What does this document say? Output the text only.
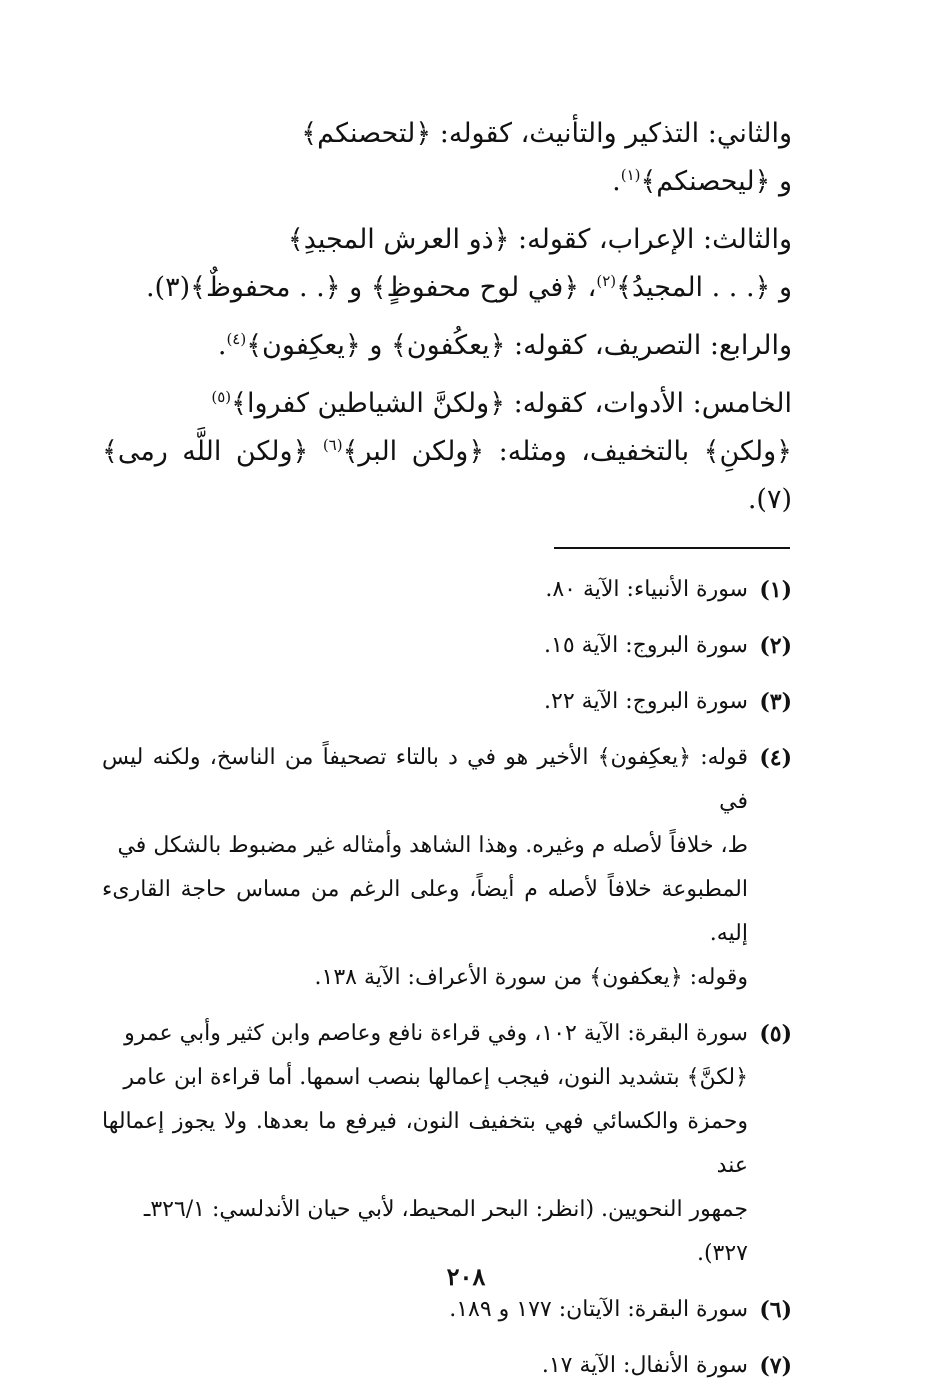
والثاني: التذكير والتأنيث، كقوله: ﴿لتحصنكم﴾
و ﴿ليحصنكم﴾$^{(١)}$.

والثالث: الإعراب، كقوله: ﴿ذو العرش المجيدِ﴾
و ﴿. . . المجيدُ﴾$^{(٢)}$، ﴿في لوح محفوظٍ﴾ و ﴿. . محفوظٌ﴾(٣).

والرابع: التصريف، كقوله: ﴿يعكُفون﴾ و ﴿يعكِفون﴾$^{(٤)}$.

الخامس: الأدوات، كقوله: ﴿ولكنَّ الشياطين كفروا﴾$^{(٥)}$
﴿ولكنِ﴾ بالتخفيف، ومثله: ﴿ولكن البر﴾$^{(٦)}$ ﴿ولكن اللَّه رمى﴾(٧).

(١)

سورة الأنبياء: الآية ٨٠.

(٢)

سورة البروج: الآية ١٥.

(٣)

سورة البروج: الآية ٢٢.

(٤)

قوله: ﴿يعكِفون﴾ الأخير هو في د بالتاء تصحيفاً من الناسخ، ولكنه ليس في

ط، خلافاً لأصله م وغيره. وهذا الشاهد وأمثاله غير مضبوط بالشكل في

المطبوعة خلافاً لأصله م أيضاً، وعلى الرغم من مساس حاجة القارىء إليه.

وقوله: ﴿يعكفون﴾ من سورة الأعراف: الآية ١٣٨.

(٥)

سورة البقرة: الآية ١٠٢، وفي قراءة نافع وعاصم وابن كثير وأبي عمرو

﴿لكنَّ﴾ بتشديد النون، فيجب إعمالها بنصب اسمها. أما قراءة ابن عامر

وحمزة والكسائي فهي بتخفيف النون، فيرفع ما بعدها. ولا يجوز إعمالها عند

جمهور النحويين. (انظر: البحر المحيط، لأبي حيان الأندلسي: ٣٢٦/١ـ

٣٢٧).

(٦)

سورة البقرة: الآيتان: ١٧٧ و ١٨٩.

(٧)

سورة الأنفال: الآية ١٧.

٢٠٨
